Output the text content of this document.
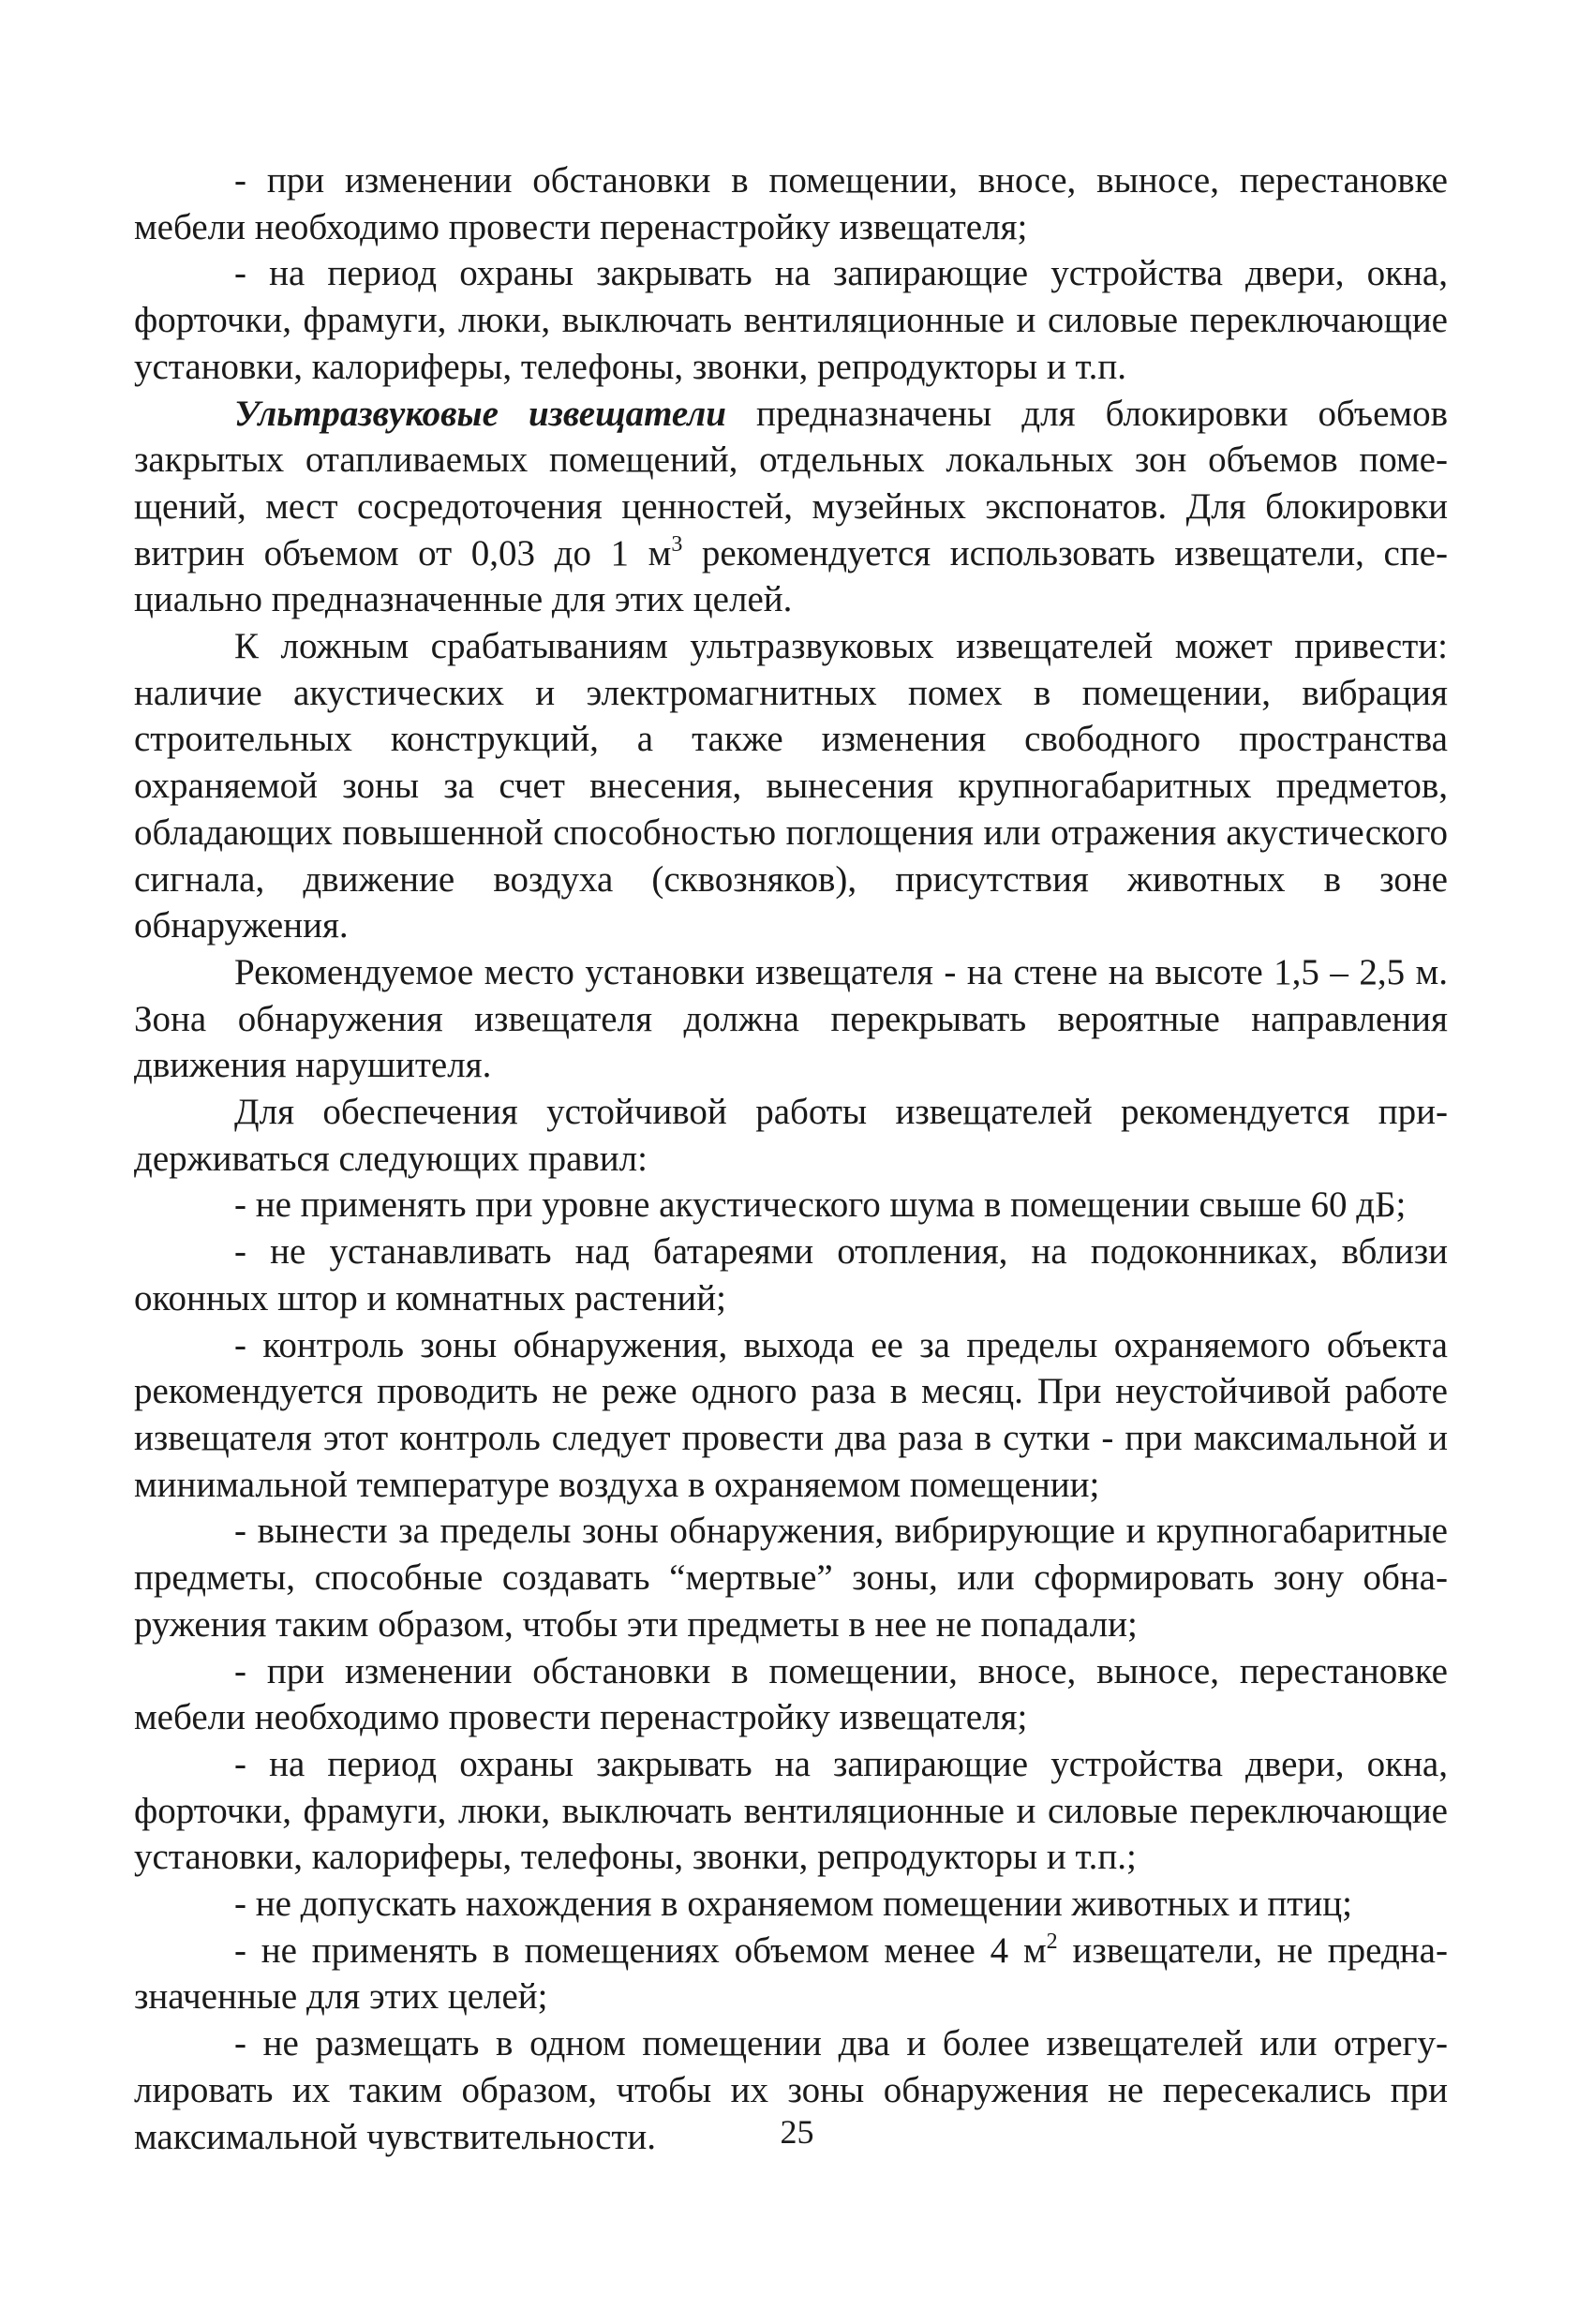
- при изменении обстановки в помещении, вносе, выносе, перестановке мебели необходимо провести перенастройку извещателя;

- на период охраны закрывать на запирающие устройства двери, окна, форточки, фрамуги, люки, выключать вентиляционные и силовые переключающие установки, калориферы, телефоны, звонки, репродукторы и т.п.

Ультразвуковые извещатели предназначены для блокировки объемов закрытых отапливаемых помещений, отдельных локальных зон объемов помещений, мест сосредоточения ценностей, музейных экспонатов. Для блокировки витрин объемом от 0,03 до 1 $м^3$ рекомендуется использовать извещатели, специально предназначенные для этих целей.

К ложным срабатываниям ультразвуковых извещателей может привести: наличие акустических и электромагнитных помех в помещении, вибрация строительных конструкций, а также изменения свободного пространства охраняемой зоны за счет внесения, вынесения крупногабаритных предметов, обладающих повышенной способностью поглощения или отражения акустического сигнала, движение воздуха (сквозняков), присутствия животных в зоне обнаружения.

Рекомендуемое место установки извещателя - на стене на высоте 1,5 – 2,5 м. Зона обнаружения извещателя должна перекрывать вероятные направления движения нарушителя.

Для обеспечения устойчивой работы извещателей рекомендуется придерживаться следующих правил:

- не применять при уровне акустического шума в помещении свыше 60 дБ;

- не устанавливать над батареями отопления, на подоконниках, вблизи оконных штор и комнатных растений;

- контроль зоны обнаружения, выхода ее за пределы охраняемого объекта рекомендуется проводить не реже одного раза в месяц. При неустойчивой работе извещателя этот контроль следует провести два раза в сутки - при максимальной и минимальной температуре воздуха в охраняемом помещении;

- вынести за пределы зоны обнаружения, вибрирующие и крупногабаритные предметы, способные создавать “мертвые” зоны, или сформировать зону обнаружения таким образом, чтобы эти предметы в нее не попадали;

- при изменении обстановки в помещении, вносе, выносе, перестановке мебели необходимо провести перенастройку извещателя;

- на период охраны закрывать на запирающие устройства двери, окна, форточки, фрамуги, люки, выключать вентиляционные и силовые переключающие установки, калориферы, телефоны, звонки, репродукторы и т.п.;

- не допускать нахождения в охраняемом помещении животных и птиц;

- не применять в помещениях объемом менее 4 $м^2$ извещатели, не предназначенные для этих целей;

- не размещать в одном помещении два и более извещателей или отрегулировать их таким образом, чтобы их зоны обнаружения не пересекались при максимальной чувствительности.	25
